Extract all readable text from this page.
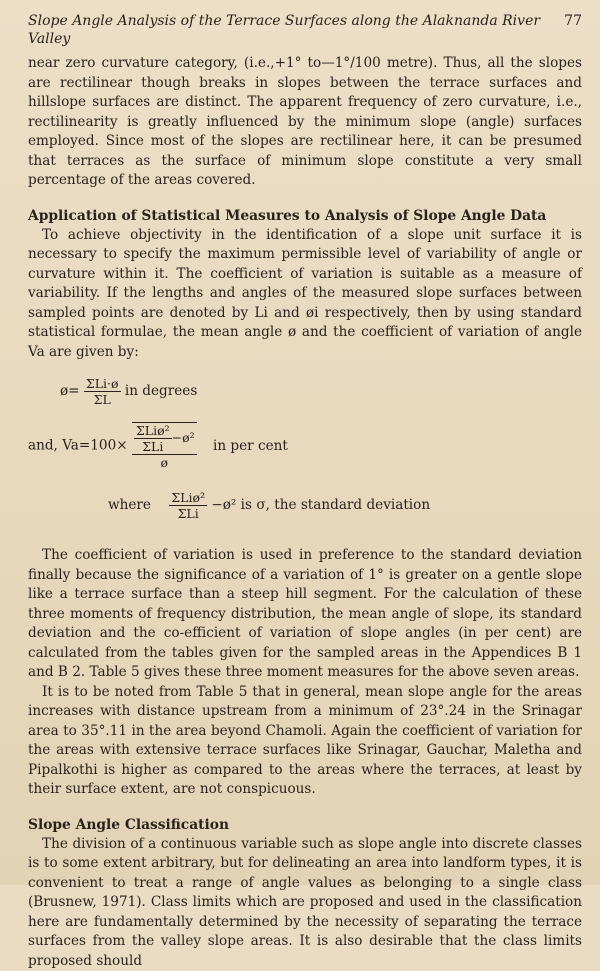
Slope Angle Analysis of the Terrace Surfaces along the Alaknanda River Valley
77

near zero curvature category, (i.e.,+1° to—1°/100 metre). Thus, all the slopes are rectilinear though breaks in slopes between the terrace surfaces and hillslope surfaces are distinct. The apparent frequency of zero curvature, i.e., rectilinearity is greatly influenced by the minimum slope (angle) surfaces employed. Since most of the slopes are rectilinear here, it can be presumed that terraces as the surface of minimum slope constitute a very small percentage of the areas covered.

Application of Statistical Measures to Analysis of Slope Angle Data

To achieve objectivity in the identification of a slope unit surface it is necessary to specify the maximum permissible level of variability of angle or curvature within it. The coefficient of variation is suitable as a measure of variability. If the lengths and angles of the measured slope surfaces between sampled points are denoted by Li and øi respectively, then by using standard statistical formulae, the mean angle ø and the coefficient of variation of angle Va are given by:

ø= $\frac{\text{ΣLi·ø}}{\Sigma L}$ in degrees
and, $Va=100\times \frac{\frac{\text{ΣLiø²}}{\text{ΣLi}} -ø^2}{ø}$ in per cent
where $\frac{\text{ΣLiø²}}{\text{ΣLi}}$ −ø² is σ, the standard deviation

The coefficient of variation is used in preference to the standard deviation finally because the significance of a variation of 1° is greater on a gentle slope like a terrace surface than a steep hill segment. For the calculation of these three moments of frequency distribution, the mean angle of slope, its standard deviation and the co-efficient of variation of slope angles (in per cent) are calculated from the tables given for the sampled areas in the Appendices B 1 and B 2. Table 5 gives these three moment measures for the above seven areas.

It is to be noted from Table 5 that in general, mean slope angle for the areas increases with distance upstream from a minimum of 23°.24 in the Srinagar area to 35°.11 in the area beyond Chamoli. Again the coefficient of variation for the areas with extensive terrace surfaces like Srinagar, Gauchar, Maletha and Pipalkothi is higher as compared to the areas where the terraces, at least by their surface extent, are not conspicuous.

Slope Angle Classification

The division of a continuous variable such as slope angle into discrete classes is to some extent arbitrary, but for delineating an area into landform types, it is convenient to treat a range of angle values as belonging to a single class (Brusnew, 1971). Class limits which are proposed and used in the classification here are fundamentally determined by the necessity of separating the terrace surfaces from the valley slope areas. It is also desirable that the class limits proposed should
